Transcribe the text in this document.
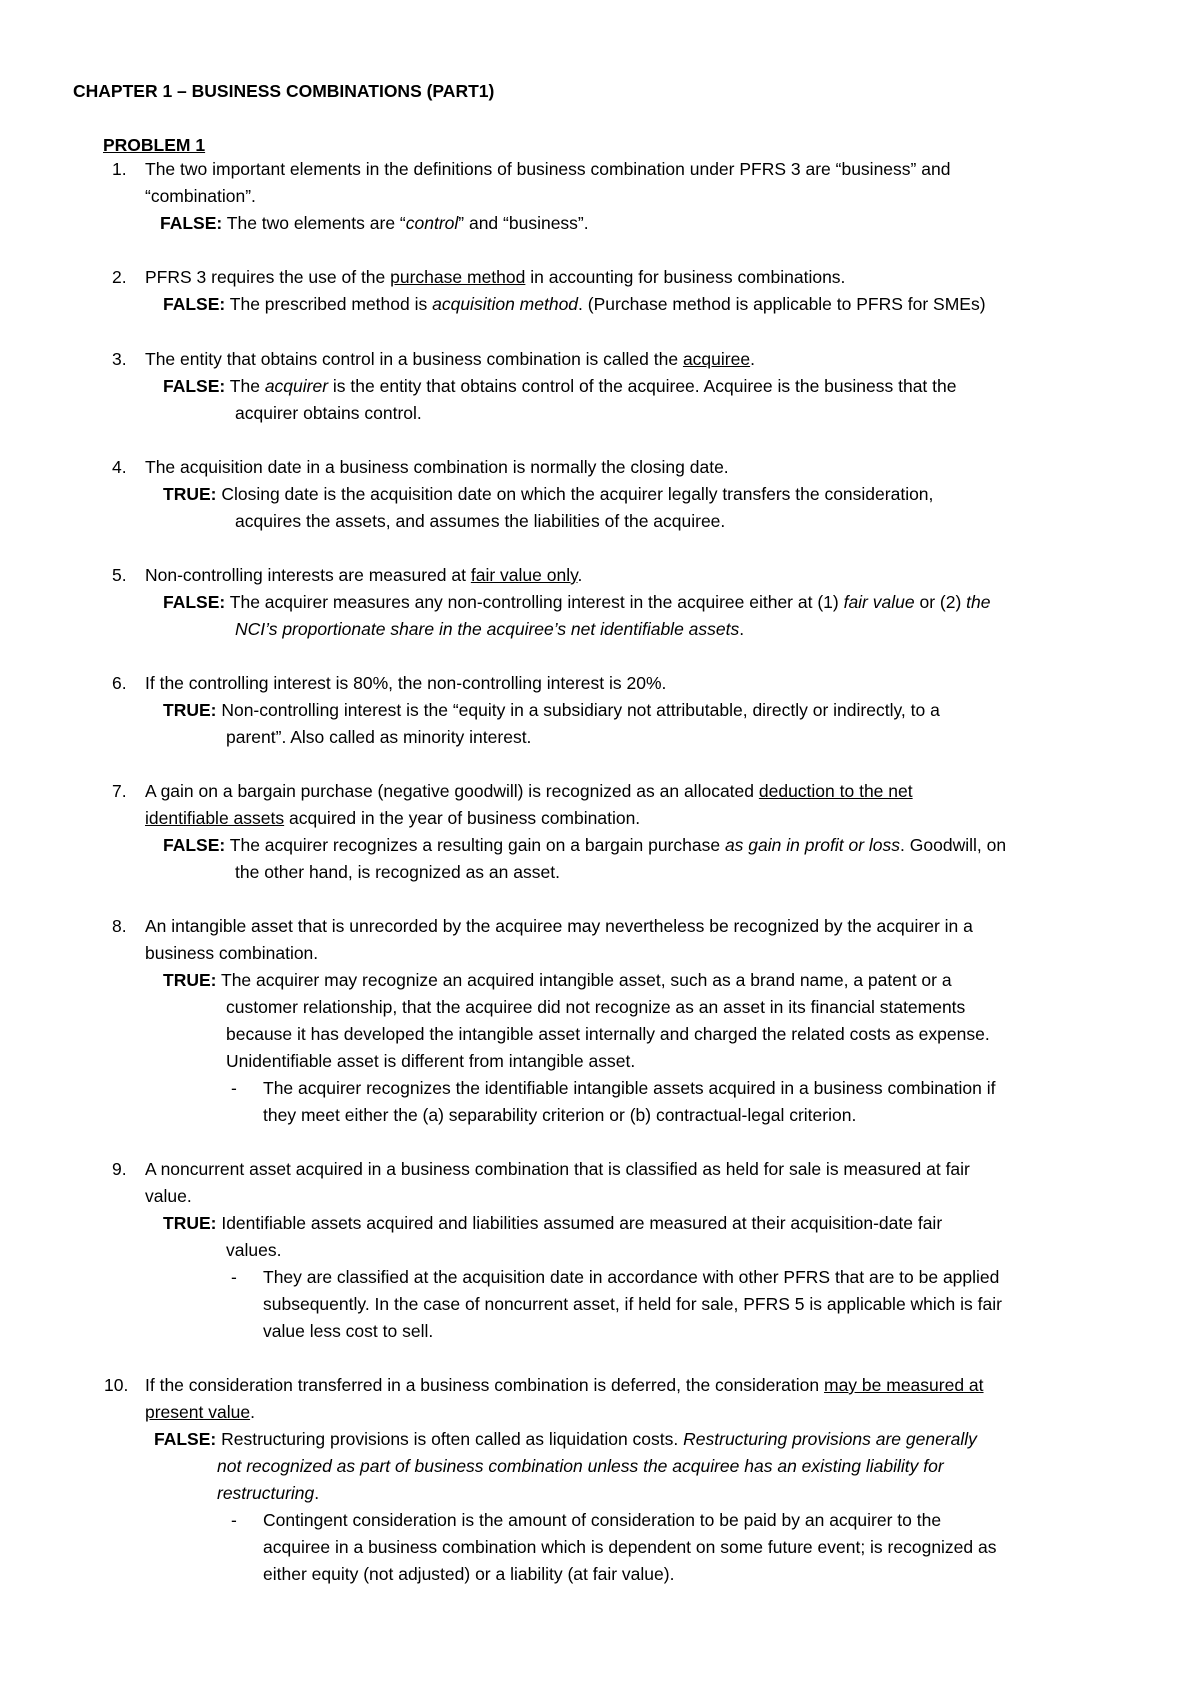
CHAPTER 1 – BUSINESS COMBINATIONS (PART1)
PROBLEM 1
1.	The two important elements in the definitions of business combination under PFRS 3 are “business” and
“combination”.
FALSE: The two elements are “control” and “business”.
2.	PFRS 3 requires the use of the purchase method in accounting for business combinations.
FALSE: The prescribed method is acquisition method. (Purchase method is applicable to PFRS for SMEs)
3.	The entity that obtains control in a business combination is called the acquiree.
FALSE: The acquirer is the entity that obtains control of the acquiree. Acquiree is the business that the
acquirer obtains control.
4.	The acquisition date in a business combination is normally the closing date.
TRUE: Closing date is the acquisition date on which the acquirer legally transfers the consideration,
acquires the assets, and assumes the liabilities of the acquiree.
5.	Non-controlling interests are measured at fair value only.
FALSE: The acquirer measures any non-controlling interest in the acquiree either at (1) fair value or (2) the
NCI’s proportionate share in the acquiree’s net identifiable assets.
6.	If the controlling interest is 80%, the non-controlling interest is 20%.
TRUE: Non-controlling interest is the “equity in a subsidiary not attributable, directly or indirectly, to a
parent”. Also called as minority interest.
7.	A gain on a bargain purchase (negative goodwill) is recognized as an allocated deduction to the net
identifiable assets acquired in the year of business combination.
FALSE: The acquirer recognizes a resulting gain on a bargain purchase as gain in profit or loss. Goodwill, on
the other hand, is recognized as an asset.
8.	An intangible asset that is unrecorded by the acquiree may nevertheless be recognized by the acquirer in a
business combination.
TRUE: The acquirer may recognize an acquired intangible asset, such as a brand name, a patent or a
customer relationship, that the acquiree did not recognize as an asset in its financial statements
because it has developed the intangible asset internally and charged the related costs as expense.
Unidentifiable asset is different from intangible asset.
- The acquirer recognizes the identifiable intangible assets acquired in a business combination if
they meet either the (a) separability criterion or (b) contractual-legal criterion.
9.	A noncurrent asset acquired in a business combination that is classified as held for sale is measured at fair
value.
TRUE: Identifiable assets acquired and liabilities assumed are measured at their acquisition-date fair
values.
- They are classified at the acquisition date in accordance with other PFRS that are to be applied
subsequently. In the case of noncurrent asset, if held for sale, PFRS 5 is applicable which is fair
value less cost to sell.
10. If the consideration transferred in a business combination is deferred, the consideration may be measured at
present value.
FALSE: Restructuring provisions is often called as liquidation costs. Restructuring provisions are generally
not recognized as part of business combination unless the acquiree has an existing liability for
restructuring.
- Contingent consideration is the amount of consideration to be paid by an acquirer to the
acquiree in a business combination which is dependent on some future event; is recognized as
either equity (not adjusted) or a liability (at fair value).
